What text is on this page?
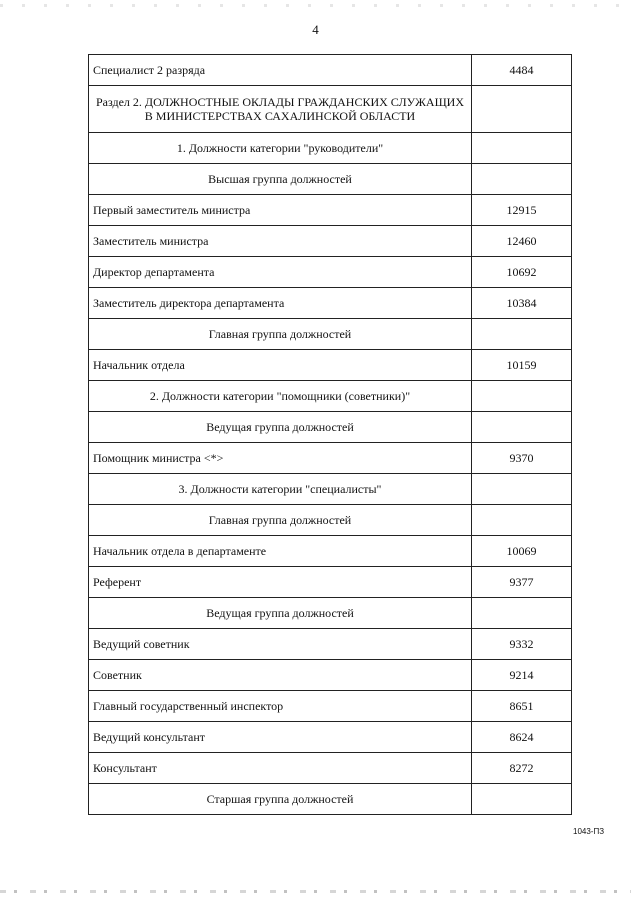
4
Специалист 2 разряда	4484
Раздел 2. ДОЛЖНОСТНЫЕ ОКЛАДЫ ГРАЖДАНСКИХ СЛУЖАЩИХ В МИНИСТЕРСТВАХ САХАЛИНСКОЙ ОБЛАСТИ	
1. Должности категории "руководители"	
Высшая группа должностей	
Первый заместитель министра	12915
Заместитель министра	12460
Директор департамента	10692
Заместитель директора департамента	10384
Главная группа должностей	
Начальник отдела	10159
2. Должности категории "помощники (советники)"	
Ведущая группа должностей	
Помощник министра <*>	9370
3. Должности категории "специалисты"	
Главная группа должностей	
Начальник отдела в департаменте	10069
Референт	9377
Ведущая группа должностей	
Ведущий советник	9332
Советник	9214
Главный государственный инспектор	8651
Ведущий консультант	8624
Консультант	8272
Старшая группа должностей	
1043-ПЗ
